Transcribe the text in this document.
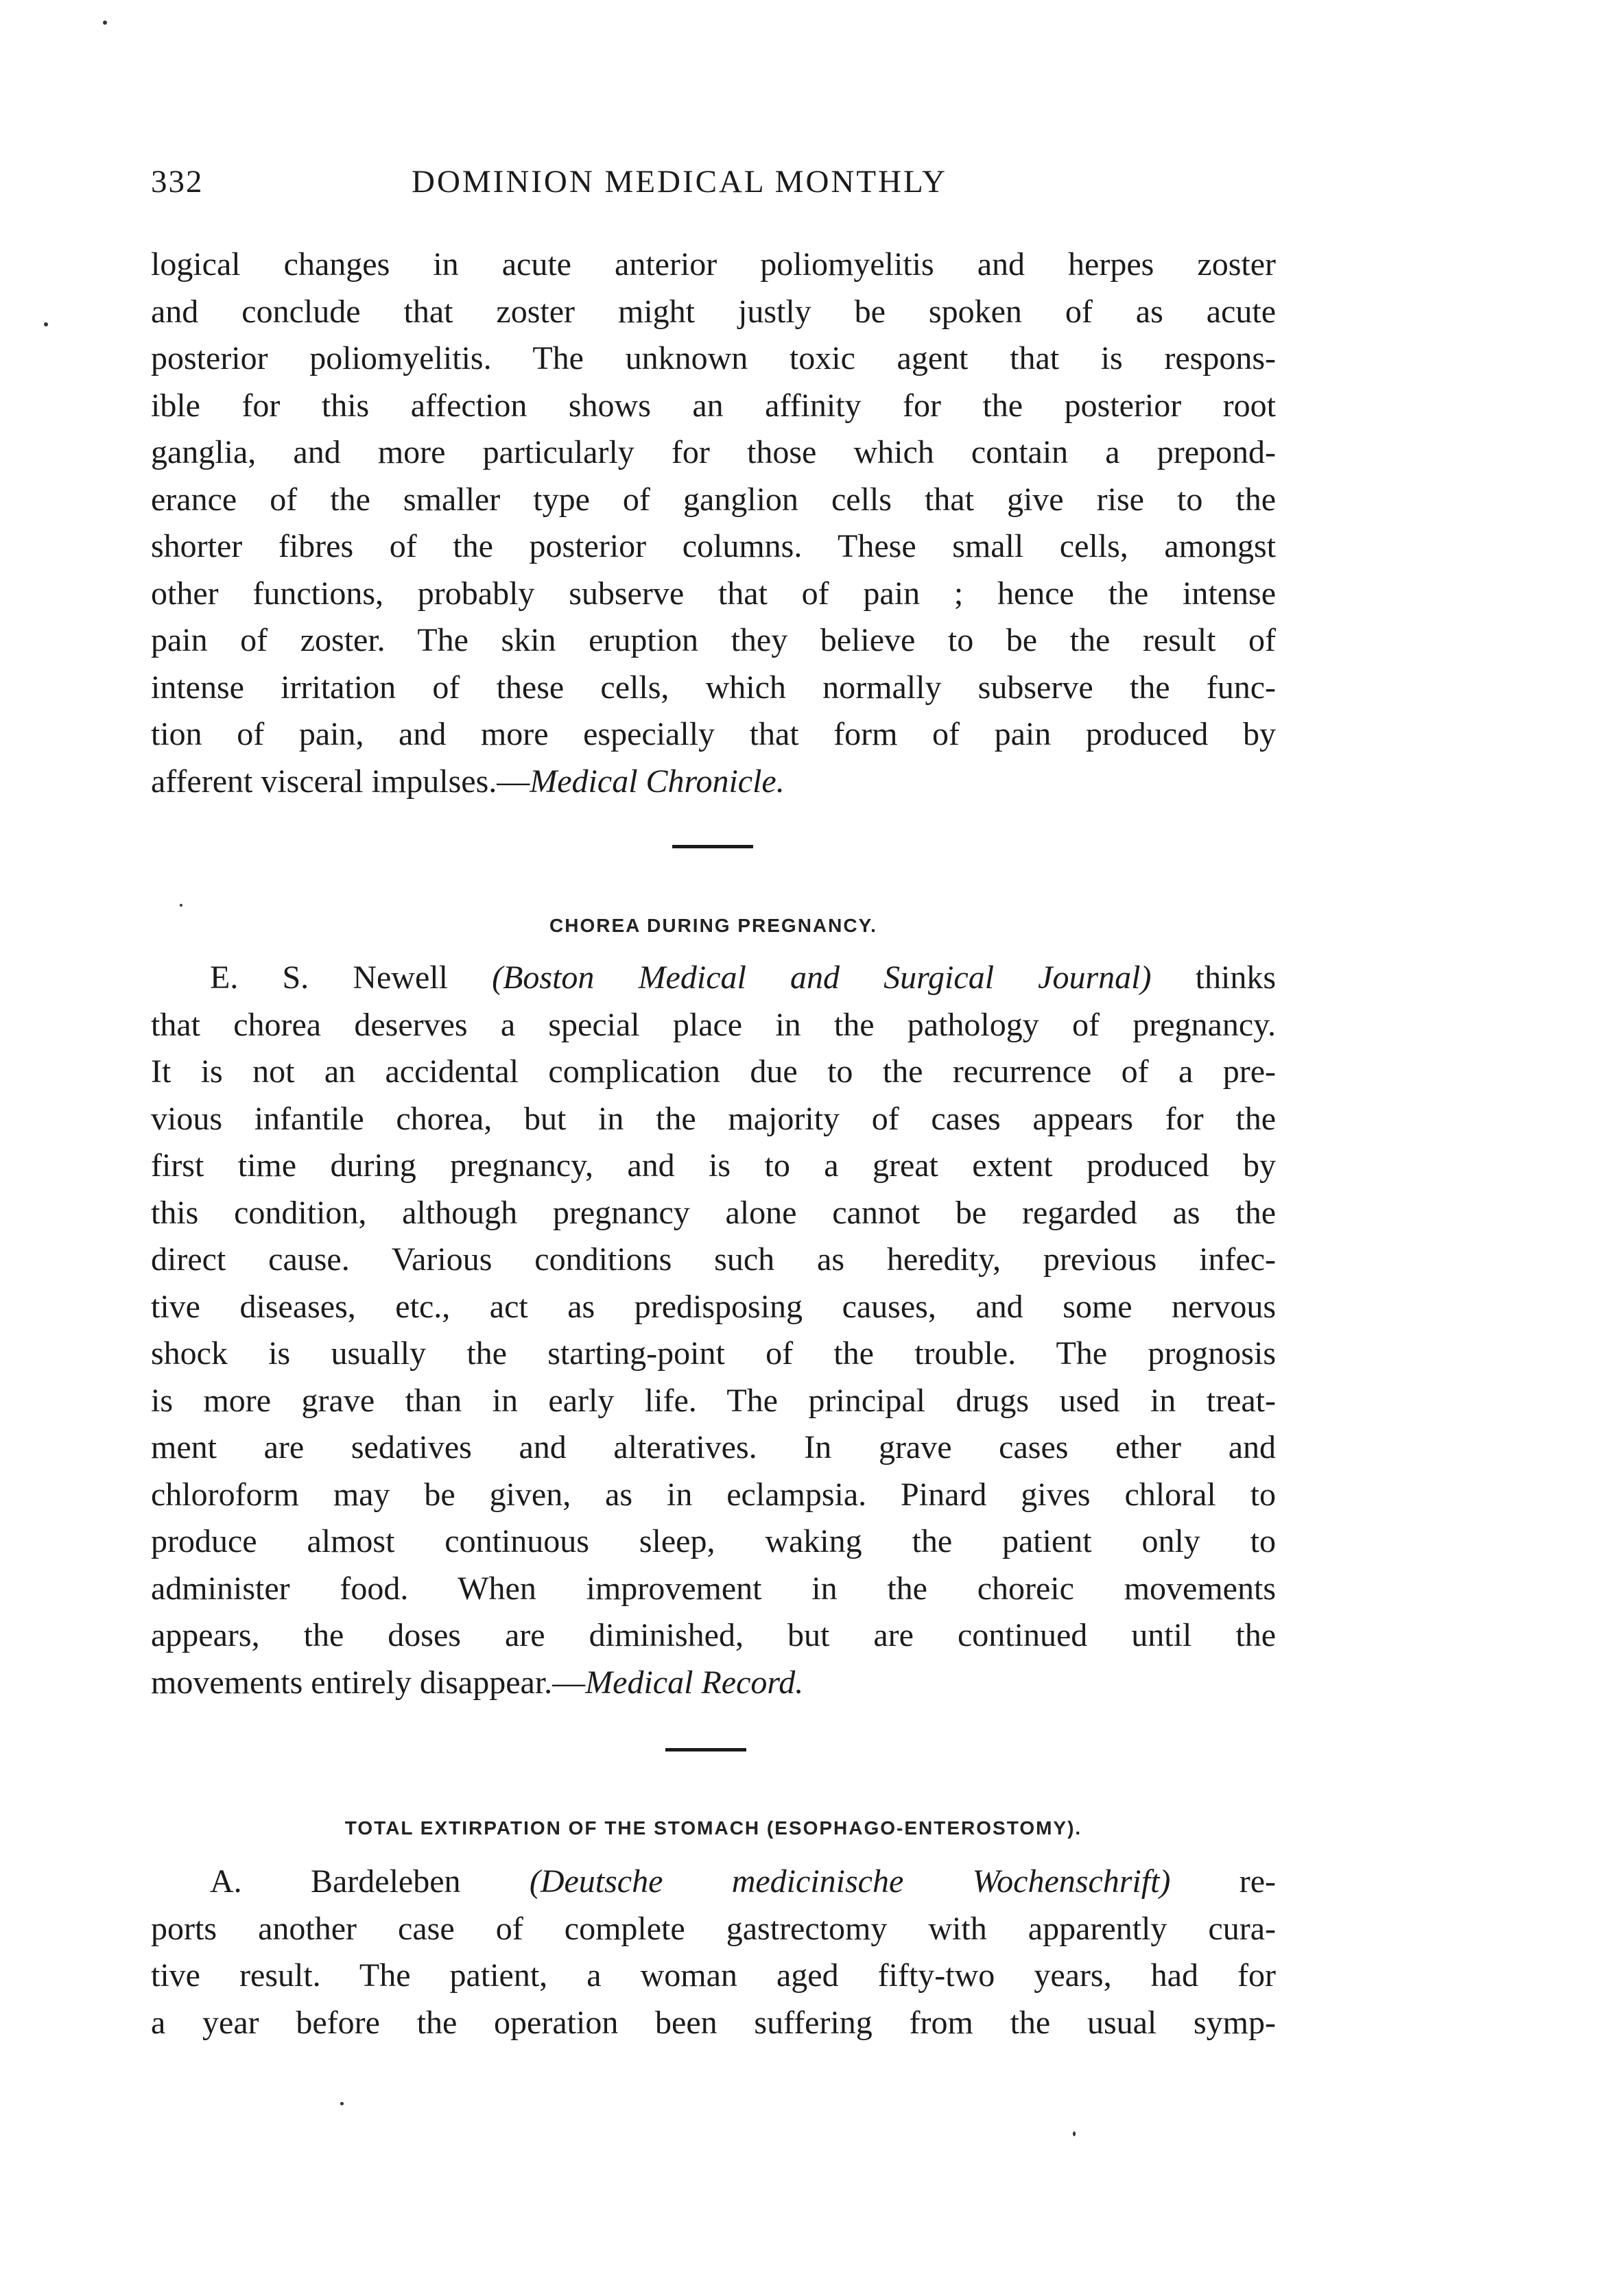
332	DOMINION MEDICAL MONTHLY
logical changes in acute anterior poliomyelitis and herpes zoster
and conclude that zoster might justly be spoken of as acute
posterior poliomyelitis. The unknown toxic agent that is respons-
ible for this affection shows an affinity for the posterior root
ganglia, and more particularly for those which contain a prepond-
erance of the smaller type of ganglion cells that give rise to the
shorter fibres of the posterior columns. These small cells, amongst
other functions, probably subserve that of pain ; hence the intense
pain of zoster. The skin eruption they believe to be the result of
intense irritation of these cells, which normally subserve the func-
tion of pain, and more especially that form of pain produced by
afferent visceral impulses.—Medical Chronicle.
CHOREA DURING PREGNANCY.
E. S. Newell (Boston Medical and Surgical Journal) thinks
that chorea deserves a special place in the pathology of pregnancy.
It is not an accidental complication due to the recurrence of a pre-
vious infantile chorea, but in the majority of cases appears for the
first time during pregnancy, and is to a great extent produced by
this condition, although pregnancy alone cannot be regarded as the
direct cause. Various conditions such as heredity, previous infec-
tive diseases, etc., act as predisposing causes, and some nervous
shock is usually the starting-point of the trouble. The prognosis
is more grave than in early life. The principal drugs used in treat-
ment are sedatives and alteratives. In grave cases ether and
chloroform may be given, as in eclampsia. Pinard gives chloral to
produce almost continuous sleep, waking the patient only to
administer food. When improvement in the choreic movements
appears, the doses are diminished, but are continued until the
movements entirely disappear.—Medical Record.
TOTAL EXTIRPATION OF THE STOMACH (ESOPHAGO-ENTEROSTOMY).
A. Bardeleben (Deutsche medicinische Wochenschrift) re-
ports another case of complete gastrectomy with apparently cura-
tive result. The patient, a woman aged fifty-two years, had for
a year before the operation been suffering from the usual symp-
